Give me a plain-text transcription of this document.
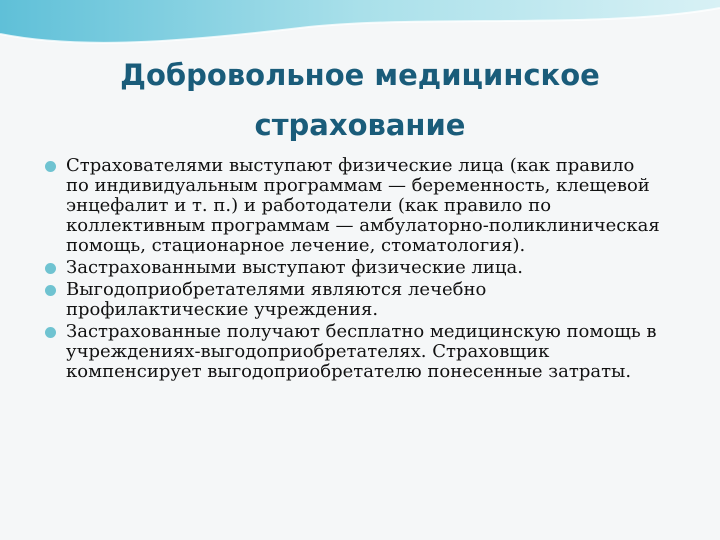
Добровольное медицинское
страхование
Страхователями выступают физические лица (как правило по индивидуальным программам — беременность, клещевой энцефалит и т. п.) и работодатели (как правило по коллективным программам — амбулаторно-поликлиническая помощь, стационарное лечение, стоматология).
Застрахованными выступают физические лица.
Выгодоприобретателями являются лечебно профилактические учреждения.
Застрахованные получают бесплатно медицинскую помощь в учреждениях-выгодоприобретателях. Страховщик компенсирует выгодоприобретателю понесенные затраты.
